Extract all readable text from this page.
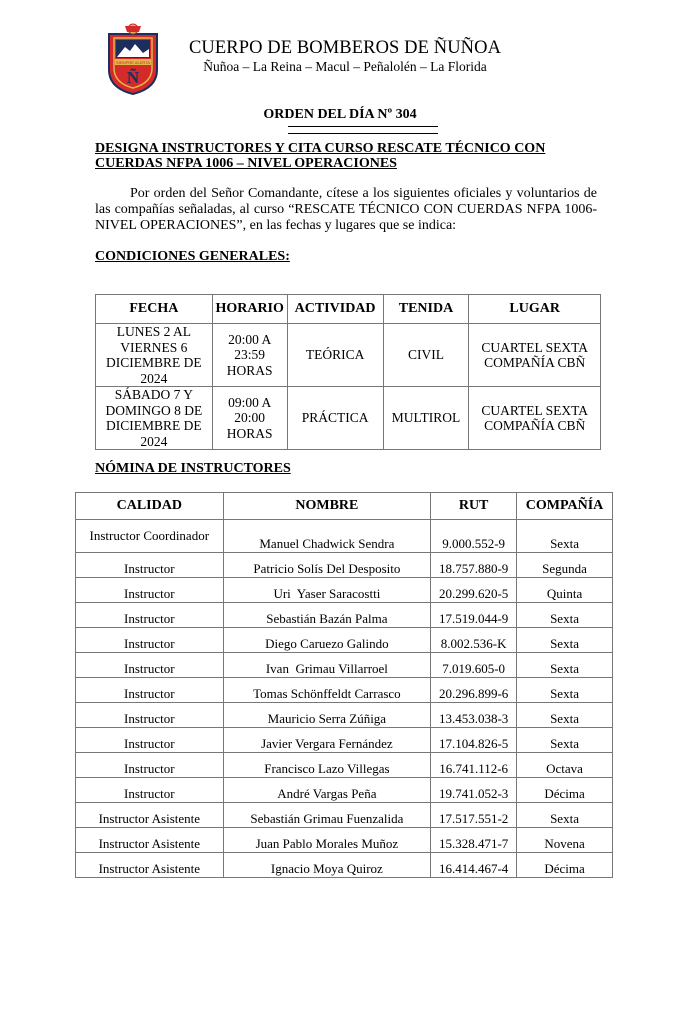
Ñ
SIEMPRE ALERTA
CUERPO DE BOMBEROS DE ÑUÑOA
Ñuñoa – La Reina – Macul – Peñalolén – La Florida
ORDEN DEL DÍA Nº 304
DESIGNA INSTRUCTORES Y CITA CURSO RESCATE TÉCNICO CON CUERDAS NFPA 1006 – NIVEL OPERACIONES
Por orden del Señor Comandante, cítese a los siguientes oficiales y voluntarios de las compañías señaladas, al curso “RESCATE TÉCNICO CON CUERDAS NFPA 1006- NIVEL OPERACIONES”, en las fechas y lugares que se indica:
CONDICIONES GENERALES:
FECHA	HORARIO	ACTIVIDAD	TENIDA	LUGAR
LUNES 2 AL VIERNES 6 DICIEMBRE DE 2024	20:00 A 23:59 HORAS	TEÓRICA	CIVIL	CUARTEL SEXTA COMPAÑÍA CBÑ
SÁBADO 7 Y DOMINGO 8 DE DICIEMBRE DE 2024	09:00 A 20:00 HORAS	PRÁCTICA	MULTIROL	CUARTEL SEXTA COMPAÑÍA CBÑ
NÓMINA DE INSTRUCTORES
CALIDAD	NOMBRE	RUT	COMPAÑÍA
Instructor Coordinador	Manuel Chadwick Sendra	9.000.552-9	Sexta
Instructor	Patricio Solís Del Desposito	18.757.880-9	Segunda
Instructor	Uri  Yaser Saracostti	20.299.620-5	Quinta
Instructor	Sebastián Bazán Palma	17.519.044-9	Sexta
Instructor	Diego Caruezo Galindo	8.002.536-K	Sexta
Instructor	Ivan  Grimau Villarroel	7.019.605-0	Sexta
Instructor	Tomas Schönffeldt Carrasco	20.296.899-6	Sexta
Instructor	Mauricio Serra Zúñiga	13.453.038-3	Sexta
Instructor	Javier Vergara Fernández	17.104.826-5	Sexta
Instructor	Francisco Lazo Villegas	16.741.112-6	Octava
Instructor	André Vargas Peña	19.741.052-3	Décima
Instructor Asistente	Sebastián Grimau Fuenzalida	17.517.551-2	Sexta
Instructor Asistente	Juan Pablo Morales Muñoz	15.328.471-7	Novena
Instructor Asistente	Ignacio Moya Quiroz	16.414.467-4	Décima
